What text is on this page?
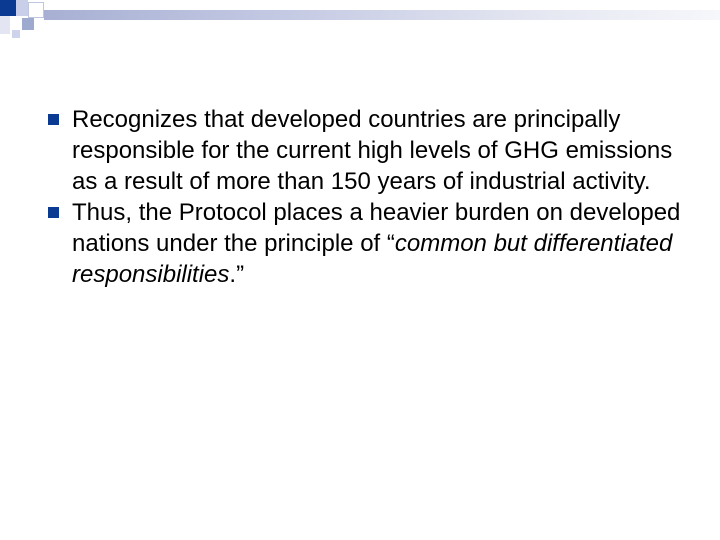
Recognizes that developed countries are principally responsible for the current high levels of GHG emissions as a result of more than 150 years of industrial activity.
Thus, the Protocol places a heavier burden on developed nations under the principle of “common but differentiated responsibilities.”
